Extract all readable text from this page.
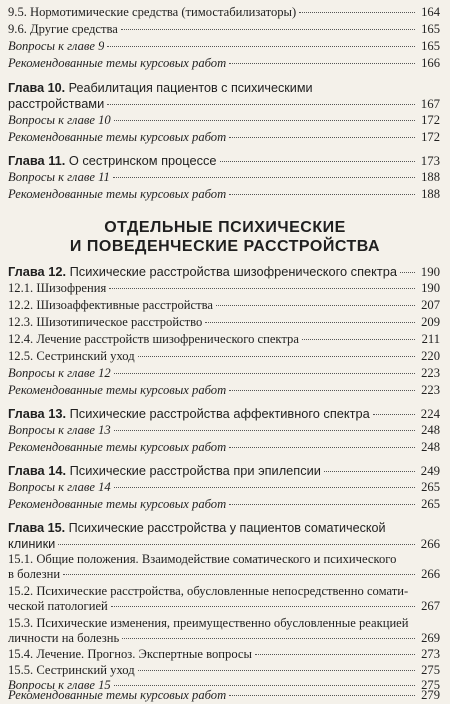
9.5. Нормотимические средства (тимостабилизаторы)	164
9.6. Другие средства	165
Вопросы к главе 9	165
Рекомендованные темы курсовых работ	166
Глава 10. Реабилитация пациентов с психическими
расстройствами	167
Вопросы к главе 10	172
Рекомендованные темы курсовых работ	172
Глава 11. О сестринском процессе	173
Вопросы к главе 11	188
Рекомендованные темы курсовых работ	188
ОТДЕЛЬНЫЕ ПСИХИЧЕСКИЕ
И ПОВЕДЕНЧЕСКИЕ РАССТРОЙСТВА
Глава 12. Психические расстройства шизофренического спектра 190
12.1. Шизофрения	190
12.2. Шизоаффективные расстройства	207
12.3. Шизотипическое расстройство	209
12.4. Лечение расстройств шизофренического спектра	211
12.5. Сестринский уход	220
Вопросы к главе 12	223
Рекомендованные темы курсовых работ	223
Глава 13. Психические расстройства аффективного спектра	224
Вопросы к главе 13	248
Рекомендованные темы курсовых работ	248
Глава 14. Психические расстройства при эпилепсии	249
Вопросы к главе 14	265
Рекомендованные темы курсовых работ	265
Глава 15. Психические расстройства у пациентов соматической
клиники	266
15.1. Общие положения. Взаимодействие соматического и психического
в болезни	266
15.2. Психические расстройства, обусловленные непосредственно сомати-
ческой патологией	267
15.3. Психические изменения, преимущественно обусловленные реакцией
личности на болезнь	269
15.4. Лечение. Прогноз. Экспертные вопросы	273
15.5. Сестринский уход	275
Вопросы к главе 15	275
Рекомендованные темы курсовых работ	279
